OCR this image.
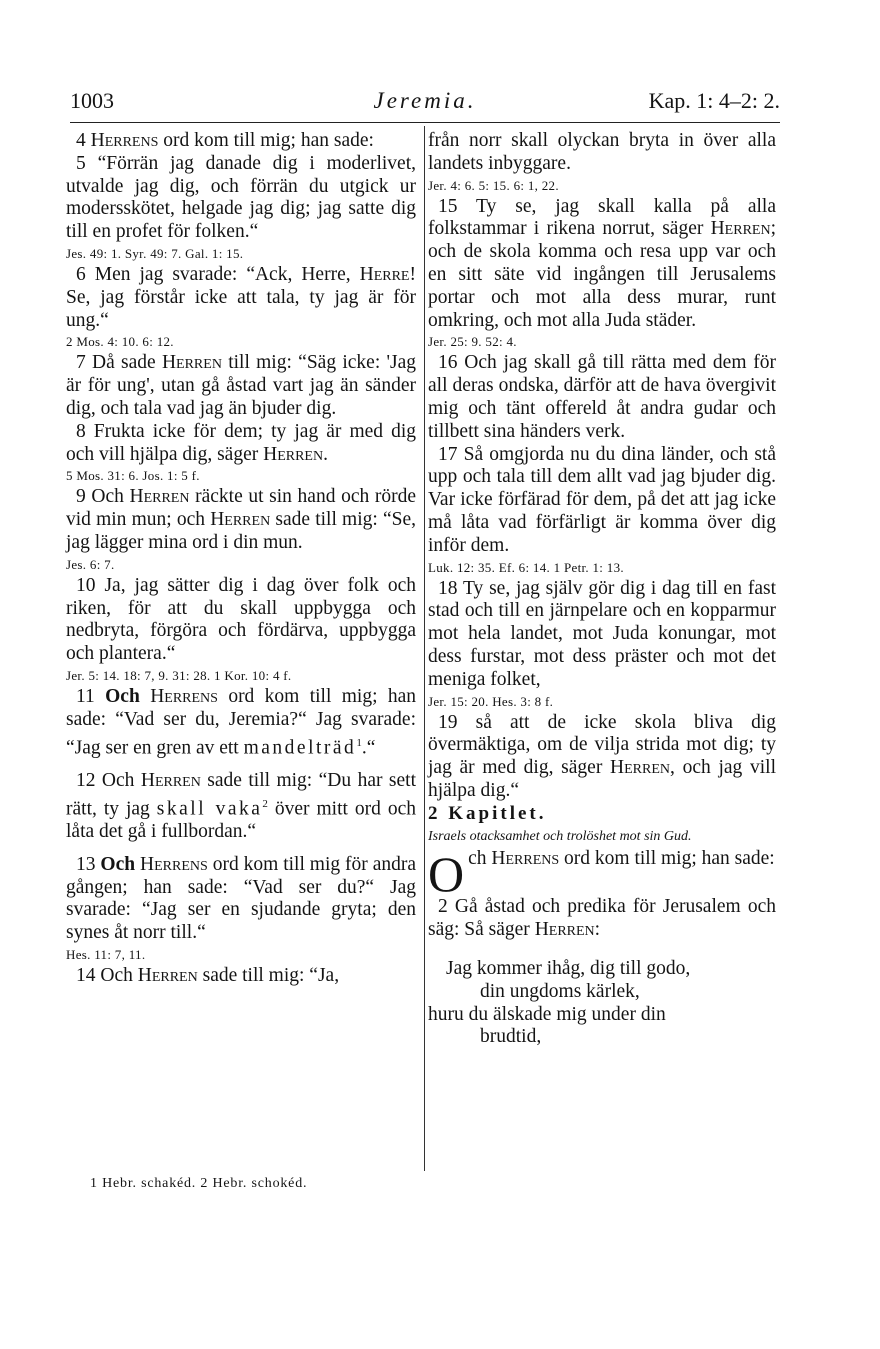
1003	Jeremia.	Kap. 1: 4–2: 2.

4 Herrens ord kom till mig; han sade:

5 “Förrän jag danade dig i moderlivet, utvalde jag dig, och förrän du utgick ur modersskötet, helgade jag dig; jag satte dig till en profet för folken.“

Jes. 49: 1. Syr. 49: 7. Gal. 1: 15.

6 Men jag svarade: “Ack, Herre, Herre! Se, jag förstår icke att tala, ty jag är för ung.“

2 Mos. 4: 10. 6: 12.

7 Då sade Herren till mig: “Säg icke: 'Jag är för ung', utan gå åstad vart jag än sänder dig, och tala vad jag än bjuder dig.

8 Frukta icke för dem; ty jag är med dig och vill hjälpa dig, säger Herren.

5 Mos. 31: 6. Jos. 1: 5 f.

9 Och Herren räckte ut sin hand och rörde vid min mun; och Herren sade till mig: “Se, jag lägger mina ord i din mun.

Jes. 6: 7.

10 Ja, jag sätter dig i dag över folk och riken, för att du skall uppbygga och nedbryta, förgöra och fördärva, uppbygga och plantera.“

Jer. 5: 14. 18: 7, 9. 31: 28. 1 Kor. 10: 4 f.

11 Och Herrens ord kom till mig; han sade: “Vad ser du, Jeremia?“ Jag svarade: “Jag ser en gren av ett mandelträd$^1$.“

12 Och Herren sade till mig: “Du har sett rätt, ty jag skall vaka$^2$ över mitt ord och låta det gå i fullbordan.“

13 Och Herrens ord kom till mig för andra gången; han sade: “Vad ser du?“ Jag svarade: “Jag ser en sjudande gryta; den synes åt norr till.“

Hes. 11: 7, 11.

14 Och Herren sade till mig: “Ja,

från norr skall olyckan bryta in över alla landets inbyggare.

Jer. 4: 6. 5: 15. 6: 1, 22.

15 Ty se, jag skall kalla på alla folkstammar i rikena norrut, säger Herren; och de skola komma och resa upp var och en sitt säte vid ingången till Jerusalems portar och mot alla dess murar, runt omkring, och mot alla Juda städer.

Jer. 25: 9. 52: 4.

16 Och jag skall gå till rätta med dem för all deras ondska, därför att de hava övergivit mig och tänt offereld åt andra gudar och tillbett sina händers verk.

17 Så omgjorda nu du dina länder, och stå upp och tala till dem allt vad jag bjuder dig. Var icke förfärad för dem, på det att jag icke må låta vad förfärligt är komma över dig inför dem.

Luk. 12: 35. Ef. 6: 14. 1 Petr. 1: 13.

18 Ty se, jag själv gör dig i dag till en fast stad och till en järnpelare och en kopparmur mot hela landet, mot Juda konungar, mot dess furstar, mot dess präster och mot det meniga folket,

Jer. 15: 20. Hes. 3: 8 f.

19 så att de icke skola bliva dig övermäktiga, om de vilja strida mot dig; ty jag är med dig, säger Herren, och jag vill hjälpa dig.“

2 Kapitlet.

Israels otacksamhet och trolöshet mot sin Gud.

Och Herrens ord kom till mig; han sade:

2 Gå åstad och predika för Jerusalem och säg: Så säger Herren:

Jag kommer ihåg, dig till godo,

din ungdoms kärlek,

huru du älskade mig under din

brudtid,

1 Hebr. schakéd. 2 Hebr. schokéd.
